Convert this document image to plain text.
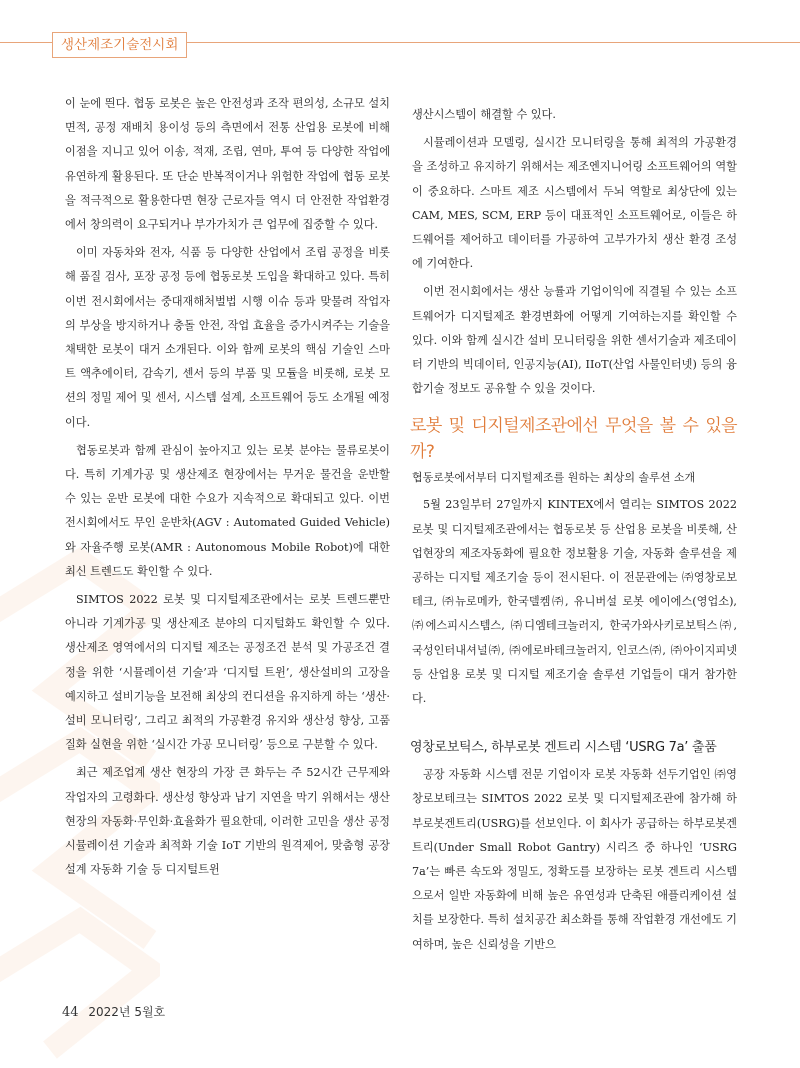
생산제조기술전시회

이 눈에 띈다. 협동 로봇은 높은 안전성과 조작 편의성, 소규모 설치 면적, 공정 재배치 용이성 등의 측면에서 전통 산업용 로봇에 비해 이점을 지니고 있어 이송, 적재, 조립, 연마, 투여 등 다양한 작업에 유연하게 활용된다. 또 단순 반복적이거나 위험한 작업에 협동 로봇을 적극적으로 활용한다면 현장 근로자들 역시 더 안전한 작업환경에서 창의력이 요구되거나 부가가치가 큰 업무에 집중할 수 있다.

이미 자동차와 전자, 식품 등 다양한 산업에서 조립 공정을 비롯해 품질 검사, 포장 공정 등에 협동로봇 도입을 확대하고 있다. 특히 이번 전시회에서는 중대재해처벌법 시행 이슈 등과 맞물려 작업자의 부상을 방지하거나 충돌 안전, 작업 효율을 증가시켜주는 기술을 채택한 로봇이 대거 소개된다. 이와 함께 로봇의 핵심 기술인 스마트 액추에이터, 감속기, 센서 등의 부품 및 모듈을 비롯해, 로봇 모션의 정밀 제어 및 센서, 시스템 설계, 소프트웨어 등도 소개될 예정이다.

협동로봇과 함께 관심이 높아지고 있는 로봇 분야는 물류로봇이다. 특히 기계가공 및 생산제조 현장에서는 무거운 물건을 운반할 수 있는 운반 로봇에 대한 수요가 지속적으로 확대되고 있다. 이번 전시회에서도 무인 운반차(AGV : Automated Guided Vehicle)와 자율주행 로봇(AMR : Autonomous Mobile Robot)에 대한 최신 트렌드도 확인할 수 있다.

SIMTOS 2022 로봇 및 디지털제조관에서는 로봇 트렌드뿐만 아니라 기계가공 및 생산제조 분야의 디지털화도 확인할 수 있다. 생산제조 영역에서의 디지털 제조는 공정조건 분석 및 가공조건 결정을 위한 ‘시뮬레이션 기술’과 ‘디지털 트윈’, 생산설비의 고장을 예지하고 설비기능을 보전해 최상의 컨디션을 유지하게 하는 ‘생산·설비 모니터링’, 그리고 최적의 가공환경 유지와 생산성 향상, 고품질화 실현을 위한 ‘실시간 가공 모니터링’ 등으로 구분할 수 있다.

최근 제조업계 생산 현장의 가장 큰 화두는 주 52시간 근무제와 작업자의 고령화다. 생산성 향상과 납기 지연을 막기 위해서는 생산 현장의 자동화·무인화·효율화가 필요한데, 이러한 고민을 생산 공정 시뮬레이션 기술과 최적화 기술 IoT 기반의 원격제어, 맞춤형 공장설계 자동화 기술 등 디지털트윈

생산시스템이 해결할 수 있다.

시뮬레이션과 모델링, 실시간 모니터링을 통해 최적의 가공환경을 조성하고 유지하기 위해서는 제조엔지니어링 소프트웨어의 역할이 중요하다. 스마트 제조 시스템에서 두뇌 역할로 최상단에 있는 CAM, MES, SCM, ERP 등이 대표적인 소프트웨어로, 이들은 하드웨어를 제어하고 데이터를 가공하여 고부가가치 생산 환경 조성에 기여한다.

이번 전시회에서는 생산 능률과 기업이익에 직결될 수 있는 소프트웨어가 디지털제조 환경변화에 어떻게 기여하는지를 확인할 수 있다. 이와 함께 실시간 설비 모니터링을 위한 센서기술과 제조데이터 기반의 빅데이터, 인공지능(AI), IIoT(산업 사물인터넷) 등의 융합기술 정보도 공유할 수 있을 것이다.

로봇 및 디지털제조관에선 무엇을 볼 수 있을까?
협동로봇에서부터 디지털제조를 원하는 최상의 솔루션 소개

5월 23일부터 27일까지 KINTEX에서 열리는 SIMTOS 2022 로봇 및 디지털제조관에서는 협동로봇 등 산업용 로봇을 비롯해, 산업현장의 제조자동화에 필요한 정보활용 기술, 자동화 솔루션을 제공하는 디지털 제조기술 등이 전시된다. 이 전문관에는 ㈜영창로보테크, ㈜뉴로메카, 한국델켐㈜, 유니버설 로봇 에이에스(영업소), ㈜에스피시스템스, ㈜디엠테크놀러지, 한국가와사키로보틱스㈜, 국성인터내셔널㈜, ㈜에로바테크놀러지, 인코스㈜, ㈜아이지피넷 등 산업용 로봇 및 디지털 제조기술 솔루션 기업들이 대거 참가한다.

영창로보틱스, 하부로봇 겐트리 시스템 ‘USRG 7a’ 출품

공장 자동화 시스템 전문 기업이자 로봇 자동화 선두기업인 ㈜영창로보테크는 SIMTOS 2022 로봇 및 디지털제조관에 참가해 하부로봇겐트리(USRG)를 선보인다. 이 회사가 공급하는 하부로봇겐트리(Under Small Robot Gantry) 시리즈 중 하나인 ‘USRG 7a’는 빠른 속도와 정밀도, 정확도를 보장하는 로봇 겐트리 시스템으로서 일반 자동화에 비해 높은 유연성과 단축된 애플리케이션 설치를 보장한다. 특히 설치공간 최소화를 통해 작업환경 개선에도 기여하며, 높은 신뢰성을 기반으

44 2022년 5월호
